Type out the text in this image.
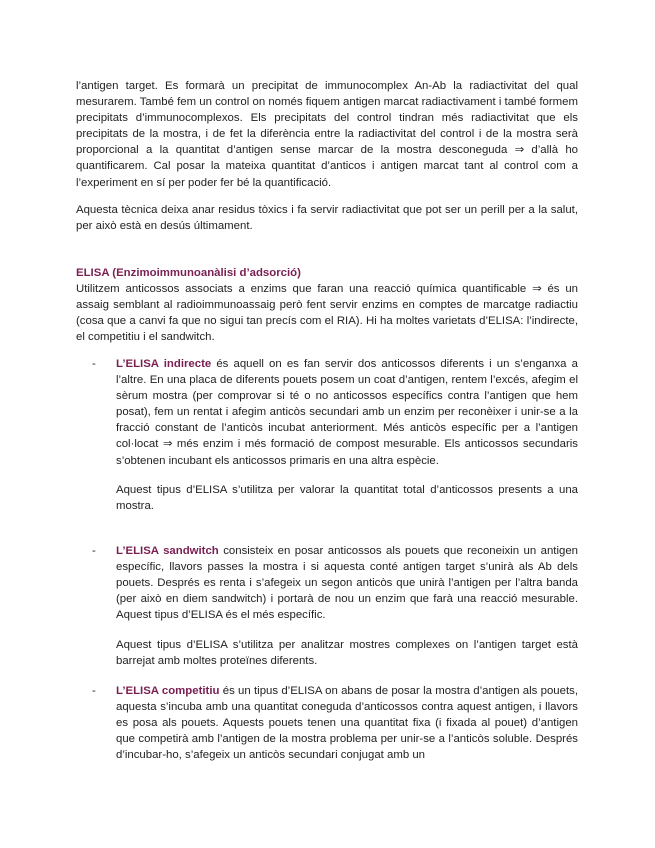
l’antigen target. Es formarà un precipitat de immunocomplex An-Ab la radiactivitat del qual mesurarem. També fem un control on només fiquem antigen marcat radiactivament i també formem precipitats d’immunocomplexos. Els precipitats del control tindran més radiactivitat que els precipitats de la mostra, i de fet la diferència entre la radiactivitat del control i de la mostra serà proporcional a la quantitat d’antigen sense marcar de la mostra desconeguda ⇒ d’allà ho quantificarem. Cal posar la mateixa quantitat d’anticos i antigen marcat tant al control com a l’experiment en sí per poder fer bé la quantificació.

Aquesta tècnica deixa anar residus tòxics i fa servir radiactivitat que pot ser un perill per a la salut, per això està en desús últimament.

ELISA (Enzimoimmunoanàlisi d’adsorció)

Utilitzem anticossos associats a enzims que faran una reacció química quantificable ⇒ és un assaig semblant al radioimmunoassaig però fent servir enzims en comptes de marcatge radiactiu (cosa que a canvi fa que no sigui tan precís com el RIA). Hi ha moltes varietats d’ELISA: l’indirecte, el competitiu i el sandwitch.

- L’ELISA indirecte és aquell on es fan servir dos anticossos diferents i un s’enganxa a l’altre. En una placa de diferents pouets posem un coat d’antigen, rentem l’excés, afegim el sèrum mostra (per comprovar si té o no anticossos específics contra l’antigen que hem posat), fem un rentat i afegim anticòs secundari amb un enzim per reconèixer i unir-se a la fracció constant de l’anticòs incubat anteriorment. Més anticòs específic per a l’antigen col·locat ⇒ més enzim i més formació de compost mesurable. Els anticossos secundaris s’obtenen incubant els anticossos primaris en una altra espècie.

Aquest tipus d’ELISA s’utilitza per valorar la quantitat total d’anticossos presents a una mostra.

- L’ELISA sandwitch consisteix en posar anticossos als pouets que reconeixin un antigen específic, llavors passes la mostra i si aquesta conté antigen target s’unirà als Ab dels pouets. Després es renta i s’afegeix un segon anticòs que unirà l’antigen per l’altra banda (per això en diem sandwitch) i portarà de nou un enzim que farà una reacció mesurable. Aquest tipus d’ELISA és el més específic.

Aquest tipus d’ELISA s’utilitza per analitzar mostres complexes on l’antigen target està barrejat amb moltes proteïnes diferents.

- L’ELISA competitiu és un tipus d’ELISA on abans de posar la mostra d’antigen als pouets, aquesta s’incuba amb una quantitat coneguda d’anticossos contra aquest antigen, i llavors es posa als pouets. Aquests pouets tenen una quantitat fixa (i fixada al pouet) d’antigen que competirà amb l’antigen de la mostra problema per unir-se a l’anticòs soluble. Després d’incubar-ho, s’afegeix un anticòs secundari conjugat amb un
